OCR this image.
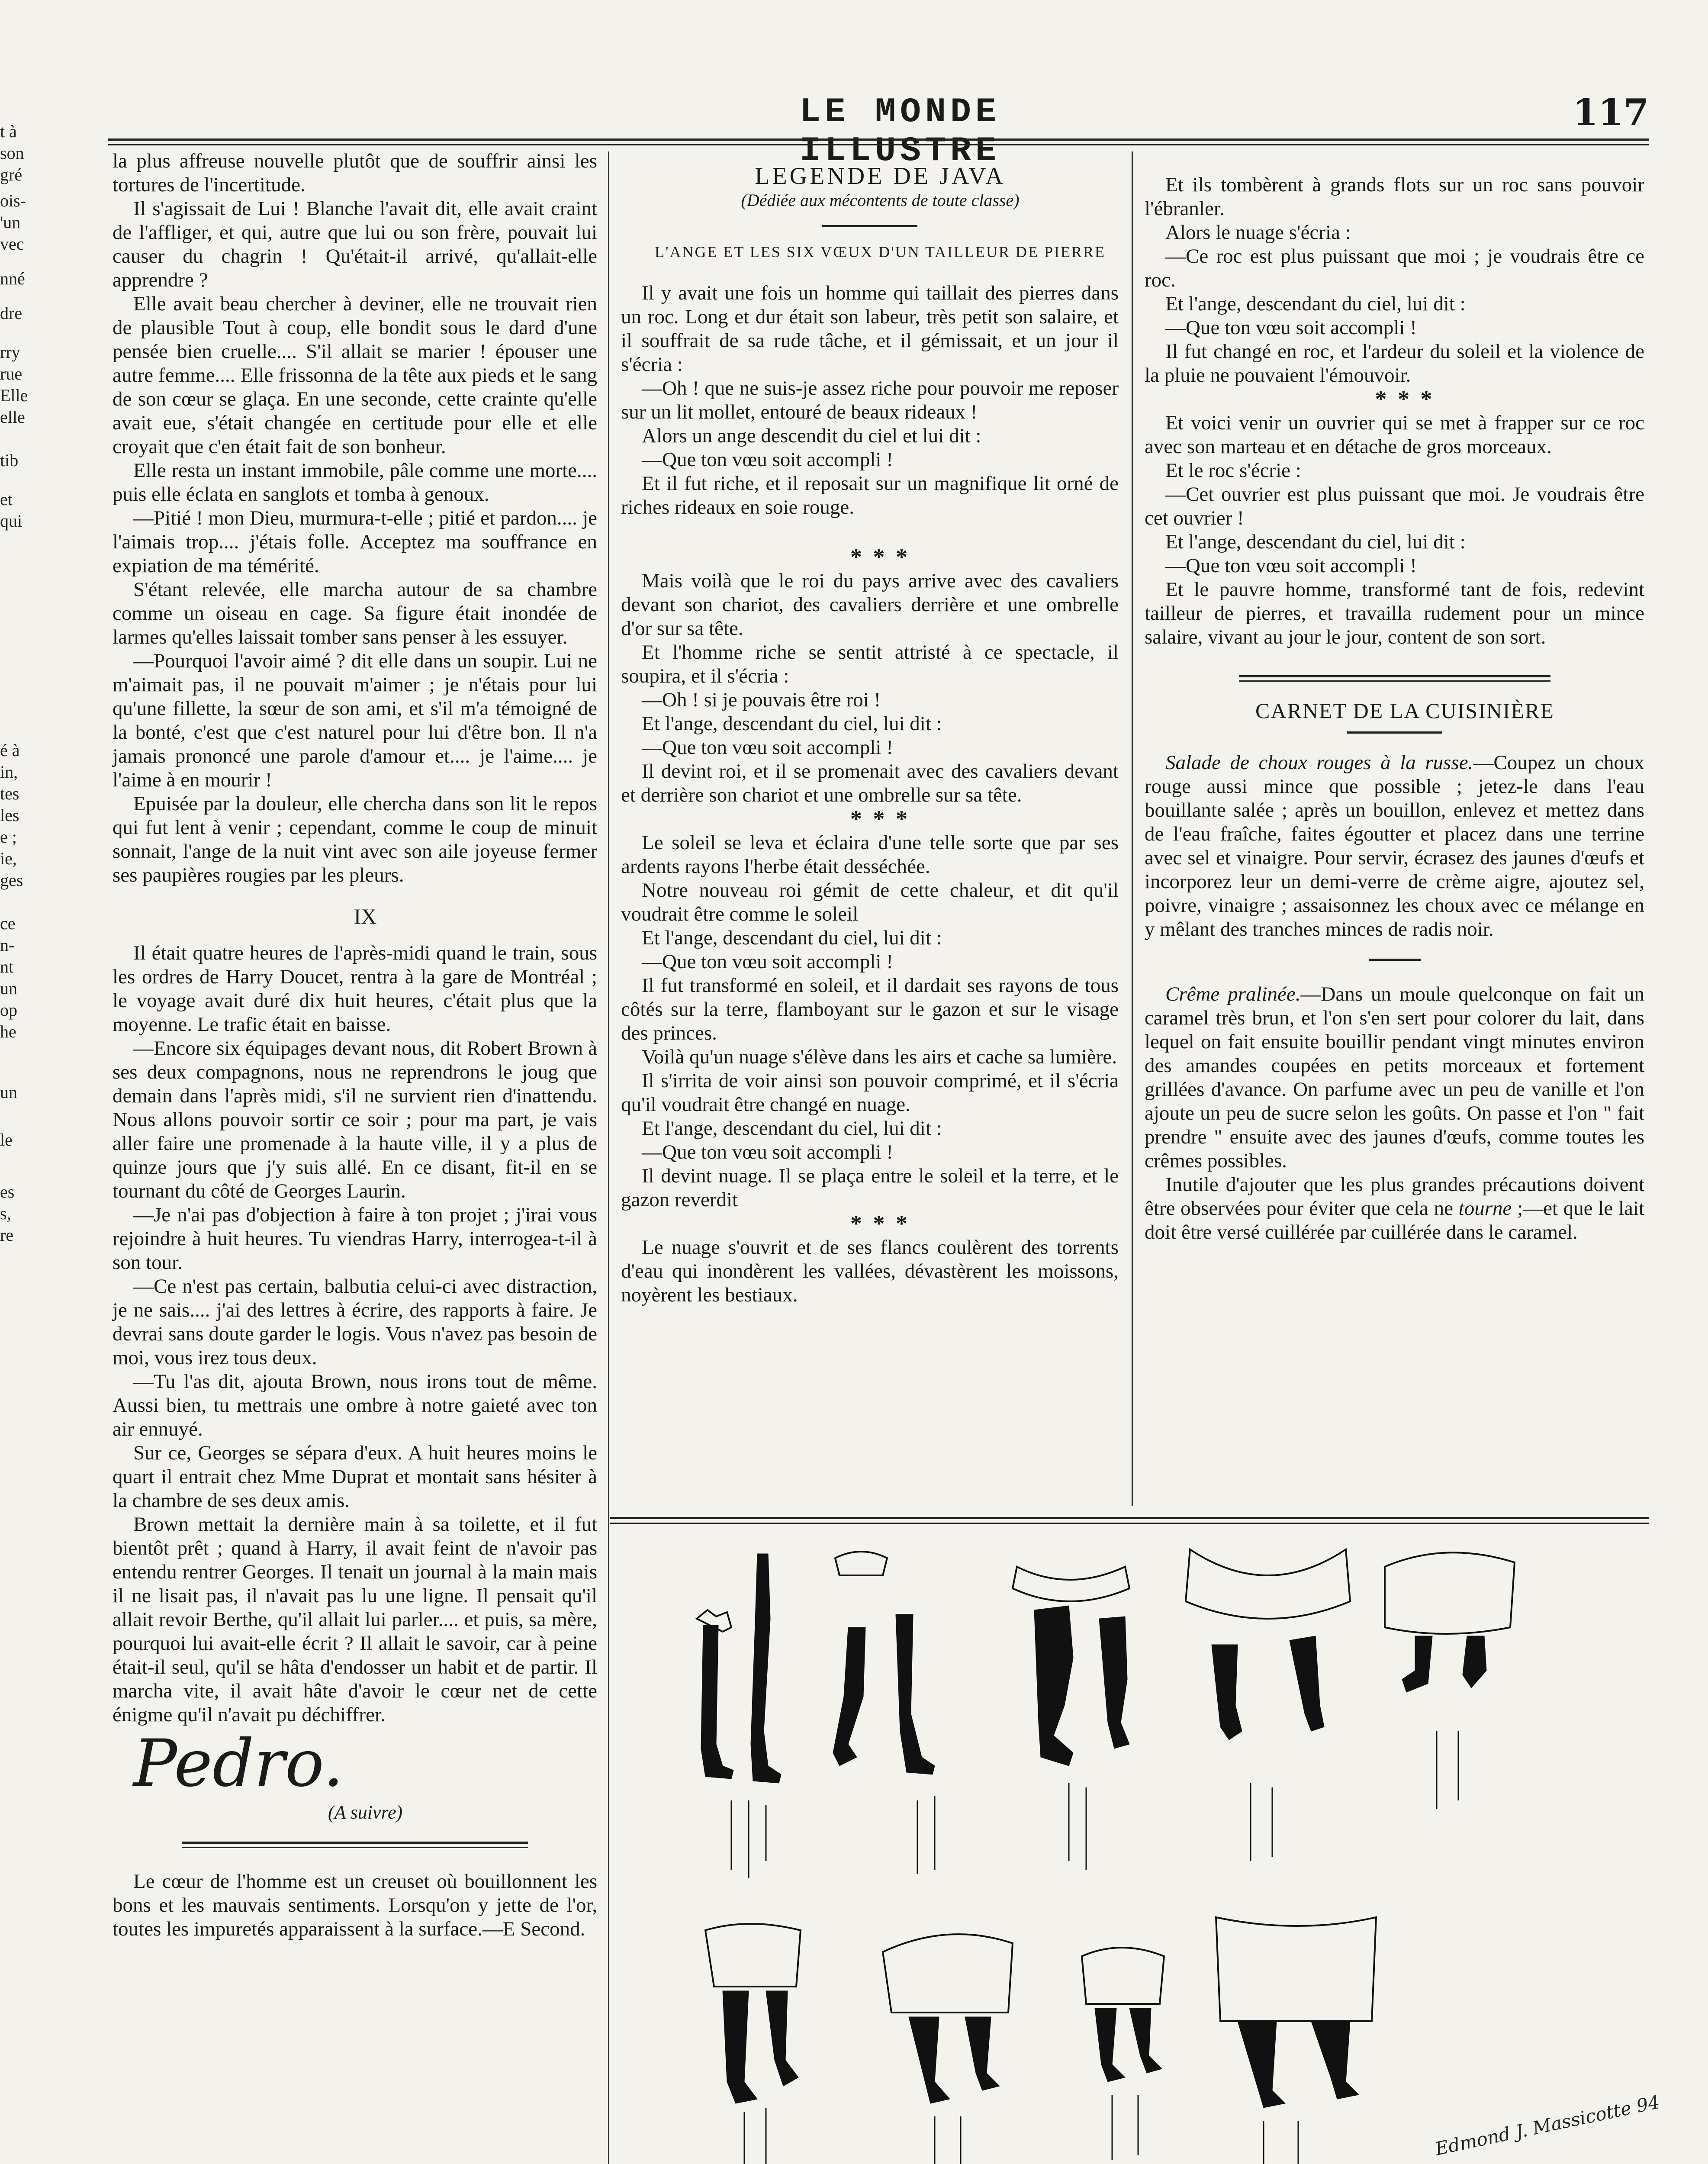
t à
son
gré
ois-
'un
vec
nné
dre
rry
rue
Elle
elle
tib
et
qui
é à
in,
tes
les
e ;
ie,
ges
ce
n-
nt
un
op
he
un
le
es
s,
re
LE MONDE ILLUSTRE
117

la plus affreuse nouvelle plutôt que de souffrir ainsi les tortures de l'incertitude.

Il s'agissait de Lui ! Blanche l'avait dit, elle avait craint de l'affliger, et qui, autre que lui ou son frère, pouvait lui causer du chagrin ! Qu'était-il arrivé, qu'allait-elle apprendre ?

Elle avait beau chercher à deviner, elle ne trouvait rien de plausible Tout à coup, elle bondit sous le dard d'une pensée bien cruelle.... S'il allait se marier ! épouser une autre femme.... Elle frissonna de la tête aux pieds et le sang de son cœur se glaça. En une seconde, cette crainte qu'elle avait eue, s'était changée en certitude pour elle et elle croyait que c'en était fait de son bonheur.

Elle resta un instant immobile, pâle comme une morte.... puis elle éclata en sanglots et tomba à genoux.

—Pitié ! mon Dieu, murmura-t-elle ; pitié et pardon.... je l'aimais trop.... j'étais folle. Acceptez ma souffrance en expiation de ma témérité.

S'étant relevée, elle marcha autour de sa chambre comme un oiseau en cage. Sa figure était inondée de larmes qu'elles laissait tomber sans penser à les essuyer.

—Pourquoi l'avoir aimé ? dit elle dans un soupir. Lui ne m'aimait pas, il ne pouvait m'aimer ; je n'étais pour lui qu'une fillette, la sœur de son ami, et s'il m'a témoigné de la bonté, c'est que c'est naturel pour lui d'être bon. Il n'a jamais prononcé une parole d'amour et.... je l'aime.... je l'aime à en mourir !

Epuisée par la douleur, elle chercha dans son lit le repos qui fut lent à venir ; cependant, comme le coup de minuit sonnait, l'ange de la nuit vint avec son aile joyeuse fermer ses paupières rougies par les pleurs.

IX

Il était quatre heures de l'après-midi quand le train, sous les ordres de Harry Doucet, rentra à la gare de Montréal ; le voyage avait duré dix huit heures, c'était plus que la moyenne. Le trafic était en baisse.

—Encore six équipages devant nous, dit Robert Brown à ses deux compagnons, nous ne reprendrons le joug que demain dans l'après midi, s'il ne survient rien d'inattendu. Nous allons pouvoir sortir ce soir ; pour ma part, je vais aller faire une promenade à la haute ville, il y a plus de quinze jours que j'y suis allé. En ce disant, fit-il en se tournant du côté de Georges Laurin.

—Je n'ai pas d'objection à faire à ton projet ; j'irai vous rejoindre à huit heures. Tu viendras Harry, interrogea-t-il à son tour.

—Ce n'est pas certain, balbutia celui-ci avec distraction, je ne sais.... j'ai des lettres à écrire, des rapports à faire. Je devrai sans doute garder le logis. Vous n'avez pas besoin de moi, vous irez tous deux.

—Tu l'as dit, ajouta Brown, nous irons tout de même. Aussi bien, tu mettrais une ombre à notre gaieté avec ton air ennuyé.

Sur ce, Georges se sépara d'eux. A huit heures moins le quart il entrait chez Mme Duprat et montait sans hésiter à la chambre de ses deux amis.

Brown mettait la dernière main à sa toilette, et il fut bientôt prêt ; quand à Harry, il avait feint de n'avoir pas entendu rentrer Georges. Il tenait un journal à la main mais il ne lisait pas, il n'avait pas lu une ligne. Il pensait qu'il allait revoir Berthe, qu'il allait lui parler.... et puis, sa mère, pourquoi lui avait-elle écrit ? Il allait le savoir, car à peine était-il seul, qu'il se hâta d'endosser un habit et de partir. Il marcha vite, il avait hâte d'avoir le cœur net de cette énigme qu'il n'avait pu déchiffrer.

Pedro.

(A suivre)

Le cœur de l'homme est un creuset où bouillonnent les bons et les mauvais sentiments. Lorsqu'on y jette de l'or, toutes les impuretés apparaissent à la surface.—E Second.

LEGENDE DE JAVA

(Dédiée aux mécontents de toute classe)

L'ANGE ET LES SIX VŒUX D'UN TAILLEUR DE PIERRE

Il y avait une fois un homme qui taillait des pierres dans un roc. Long et dur était son labeur, très petit son salaire, et il souffrait de sa rude tâche, et il gémissait, et un jour il s'écria :

—Oh ! que ne suis-je assez riche pour pouvoir me reposer sur un lit mollet, entouré de beaux rideaux !

Alors un ange descendit du ciel et lui dit :

—Que ton vœu soit accompli !

Et il fut riche, et il reposait sur un magnifique lit orné de riches rideaux en soie rouge.

* * *

Mais voilà que le roi du pays arrive avec des cavaliers devant son chariot, des cavaliers derrière et une ombrelle d'or sur sa tête.

Et l'homme riche se sentit attristé à ce spectacle, il soupira, et il s'écria :

—Oh ! si je pouvais être roi !

Et l'ange, descendant du ciel, lui dit :

—Que ton vœu soit accompli !

Il devint roi, et il se promenait avec des cavaliers devant et derrière son chariot et une ombrelle sur sa tête.

* * *

Le soleil se leva et éclaira d'une telle sorte que par ses ardents rayons l'herbe était desséchée.

Notre nouveau roi gémit de cette chaleur, et dit qu'il voudrait être comme le soleil

Et l'ange, descendant du ciel, lui dit :

—Que ton vœu soit accompli !

Il fut transformé en soleil, et il dardait ses rayons de tous côtés sur la terre, flamboyant sur le gazon et sur le visage des princes.

Voilà qu'un nuage s'élève dans les airs et cache sa lumière.

Il s'irrita de voir ainsi son pouvoir comprimé, et il s'écria qu'il voudrait être changé en nuage.

Et l'ange, descendant du ciel, lui dit :

—Que ton vœu soit accompli !

Il devint nuage. Il se plaça entre le soleil et la terre, et le gazon reverdit

* * *

Le nuage s'ouvrit et de ses flancs coulèrent des torrents d'eau qui inondèrent les vallées, dévastèrent les moissons, noyèrent les bestiaux.

Et ils tombèrent à grands flots sur un roc sans pouvoir l'ébranler.

Alors le nuage s'écria :

—Ce roc est plus puissant que moi ; je voudrais être ce roc.

Et l'ange, descendant du ciel, lui dit :

—Que ton vœu soit accompli !

Il fut changé en roc, et l'ardeur du soleil et la violence de la pluie ne pouvaient l'émouvoir.

* * *

Et voici venir un ouvrier qui se met à frapper sur ce roc avec son marteau et en détache de gros morceaux.

Et le roc s'écrie :

—Cet ouvrier est plus puissant que moi. Je voudrais être cet ouvrier !

Et l'ange, descendant du ciel, lui dit :

—Que ton vœu soit accompli !

Et le pauvre homme, transformé tant de fois, redevint tailleur de pierres, et travailla rudement pour un mince salaire, vivant au jour le jour, content de son sort.

CARNET DE LA CUISINIÈRE

Salade de choux rouges à la russe.—Coupez un choux rouge aussi mince que possible ; jetez-le dans l'eau bouillante salée ; après un bouillon, enlevez et mettez dans de l'eau fraîche, faites égoutter et placez dans une terrine avec sel et vinaigre. Pour servir, écrasez des jaunes d'œufs et incorporez leur un demi-verre de crème aigre, ajoutez sel, poivre, vinaigre ; assaisonnez les choux avec ce mélange en y mêlant des tranches minces de radis noir.

Crême pralinée.—Dans un moule quelconque on fait un caramel très brun, et l'on s'en sert pour colorer du lait, dans lequel on fait ensuite bouillir pendant vingt minutes environ des amandes coupées en petits morceaux et fortement grillées d'avance. On parfume avec un peu de vanille et l'on ajoute un peu de sucre selon les goûts. On passe et l'on " fait prendre " ensuite avec des jaunes d'œufs, comme toutes les crêmes possibles.

Inutile d'ajouter que les plus grandes précautions doivent être observées pour éviter que cela ne tourne ;—et que le lait doit être versé cuillérée par cuillérée dans le caramel.

Edmond J. Massicotte 94
